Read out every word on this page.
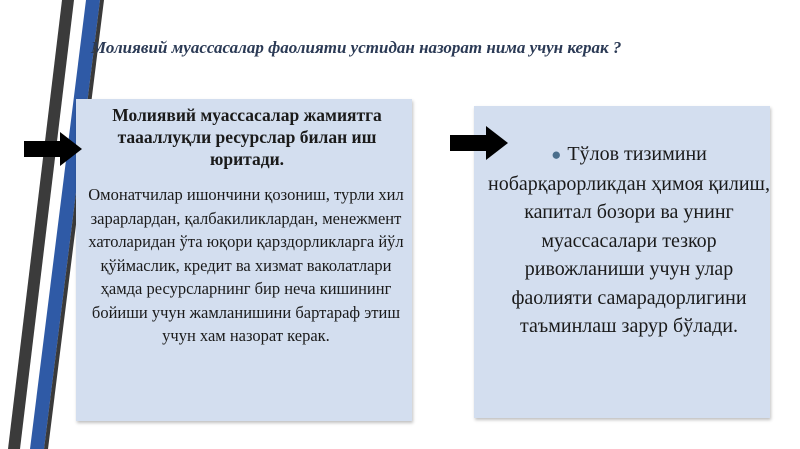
Молиявий муассасалар фаолияти устидан назорат нима учун керак ?
Молиявий муассасалар жамиятга таааллуқли ресурслар билан иш юритади.
Омонатчилар ишончини қозониш, турли хил зарарлардан, қалбакиликлардан, менежмент хатоларидан ўта юқори қарздорликларга йўл қўймаслик, кредит ва хизмат ваколатлари ҳамда ресурсларнинг бир неча кишининг бойиши учун жамланишини бартараф этиш учун хам назорат керак.
● Тўлов тизимини нобарқарорликдан ҳимоя қилиш, капитал бозори ва унинг муассасалари тезкор ривожланиши учун улар фаолияти самарадорлигини таъминлаш зарур бўлади.
